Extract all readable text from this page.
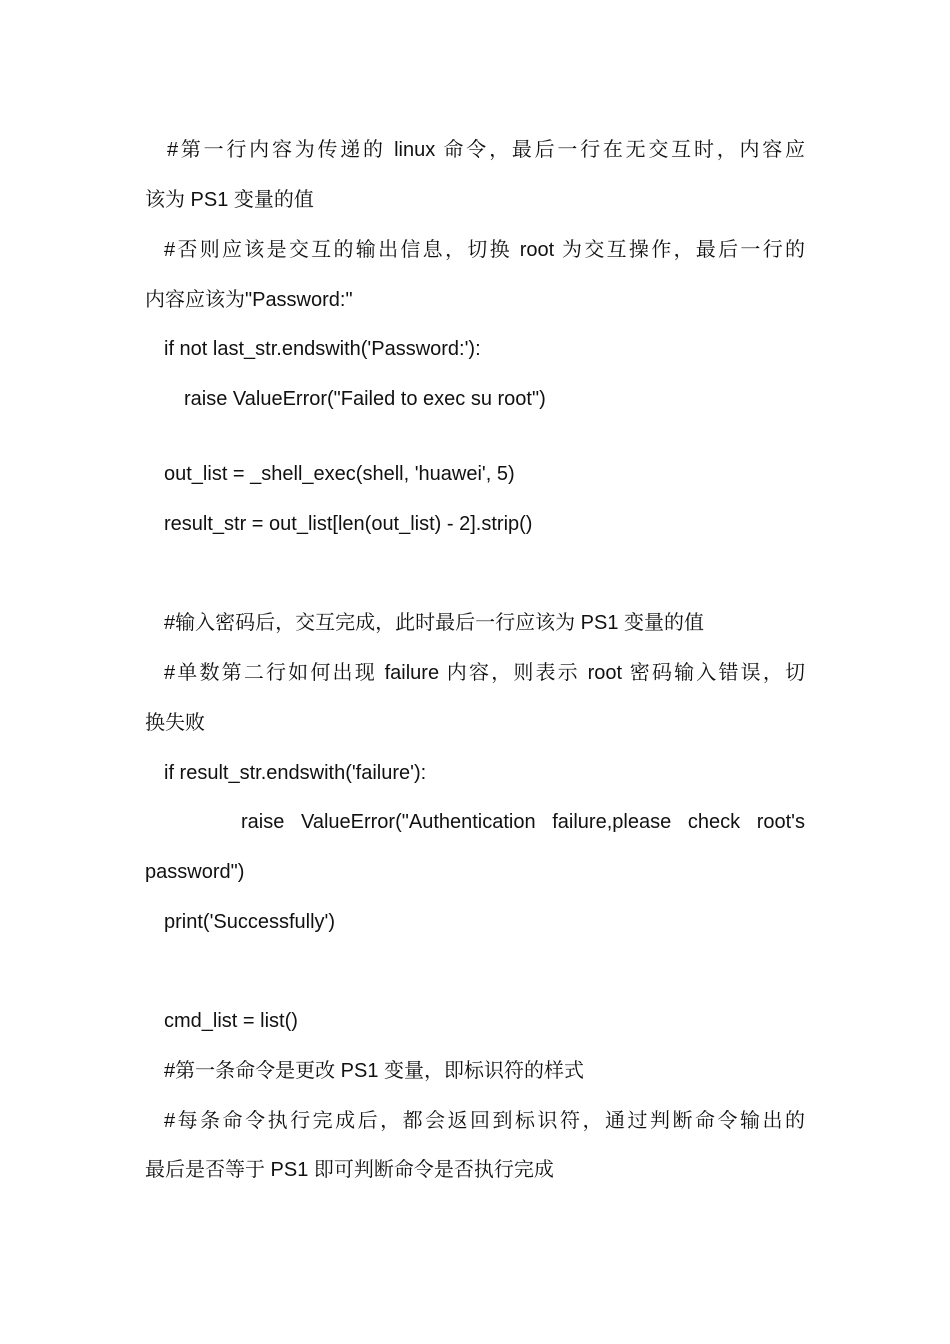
#第一行内容为传递的 linux 命令，最后一行在无交互时，内容应
该为 PS1 变量的值
#否则应该是交互的输出信息，切换 root 为交互操作，最后一行的
内容应该为"Password:"
if not last_str.endswith('Password:'):
raise ValueError("Failed to exec su root")
out_list = _shell_exec(shell, 'huawei', 5)
result_str = out_list[len(out_list) - 2].strip()
#输入密码后，交互完成，此时最后一行应该为 PS1 变量的值
#单数第二行如何出现 failure 内容，则表示 root 密码输入错误，切
换失败
if result_str.endswith('failure'):
raise ValueError("Authentication failure,please check root's
password")
print('Successfully')
cmd_list = list()
#第一条命令是更改 PS1 变量，即标识符的样式
#每条命令执行完成后，都会返回到标识符，通过判断命令输出的
最后是否等于 PS1 即可判断命令是否执行完成
